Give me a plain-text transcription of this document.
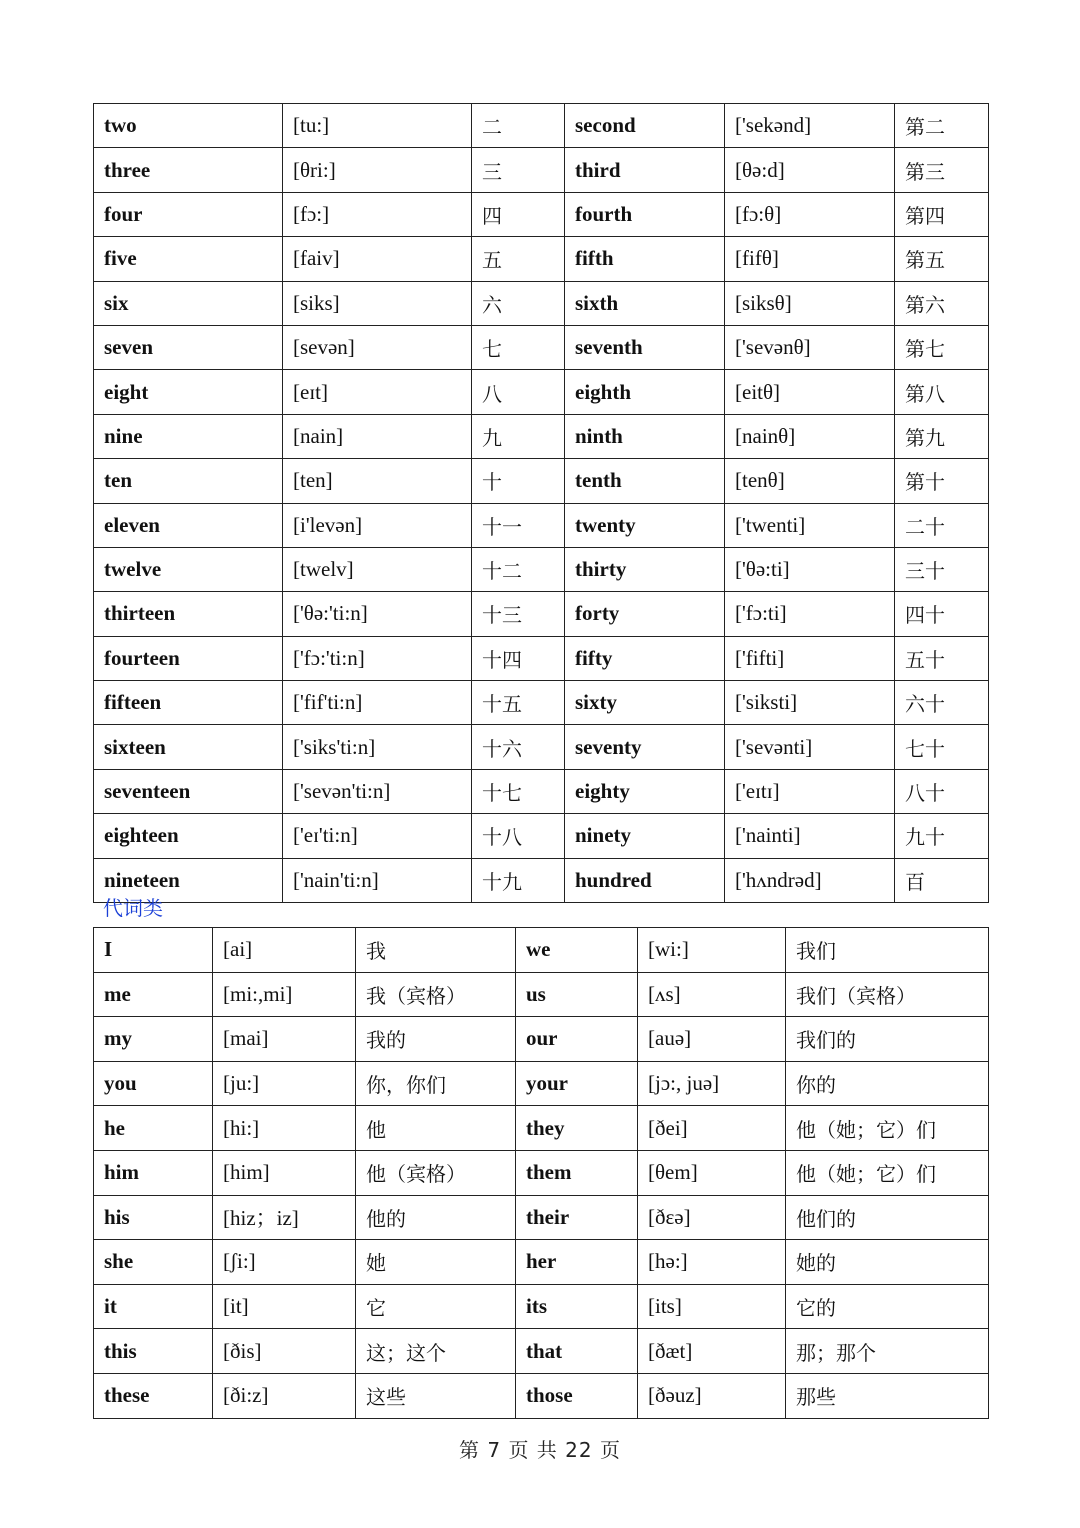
two	[tu:]	二	second	['sekənd]	第二
three	[θri:]	三	third	[θə:d]	第三
four	[fɔ:]	四	fourth	[fɔ:θ]	第四
five	[faiv]	五	fifth	[fifθ]	第五
six	[siks]	六	sixth	[siksθ]	第六
seven	[sevən]	七	seventh	['sevənθ]	第七
eight	[eɪt]	八	eighth	[eitθ]	第八
nine	[nain]	九	ninth	[nainθ]	第九
ten	[ten]	十	tenth	[tenθ]	第十
eleven	[i'levən]	十一	twenty	['twenti]	二十
twelve	[twelv]	十二	thirty	['θə:ti]	三十
thirteen	['θə:'ti:n]	十三	forty	['fɔ:ti]	四十
fourteen	['fɔ:'ti:n]	十四	fifty	['fifti]	五十
fifteen	['fif'ti:n]	十五	sixty	['siksti]	六十
sixteen	['siks'ti:n]	十六	seventy	['sevənti]	七十
seventeen	['sevən'ti:n]	十七	eighty	['eɪtɪ]	八十
eighteen	['eɪ'ti:n]	十八	ninety	['nainti]	九十
nineteen	['nain'ti:n]	十九	hundred	['hʌndrəd]	百
代词类
I	[ai]	我	we	[wi:]	我们
me	[mi:,mi]	我（宾格）	us	[ʌs]	我们（宾格）
my	[mai]	我的	our	[auə]	我们的
you	[ju:]	你，你们	your	[jɔ:, juə]	你的
he	[hi:]	他	they	[ðei]	他（她；它）们
him	[him]	他（宾格）	them	[θem]	他（她；它）们
his	[hiz；iz]	他的	their	[ðεə]	他们的
she	[ʃi:]	她	her	[hə:]	她的
it	[it]	它	its	[its]	它的
this	[ðis]	这；这个	that	[ðæt]	那；那个
these	[ði:z]	这些	those	[ðəuz]	那些
第 7 页 共 22 页
